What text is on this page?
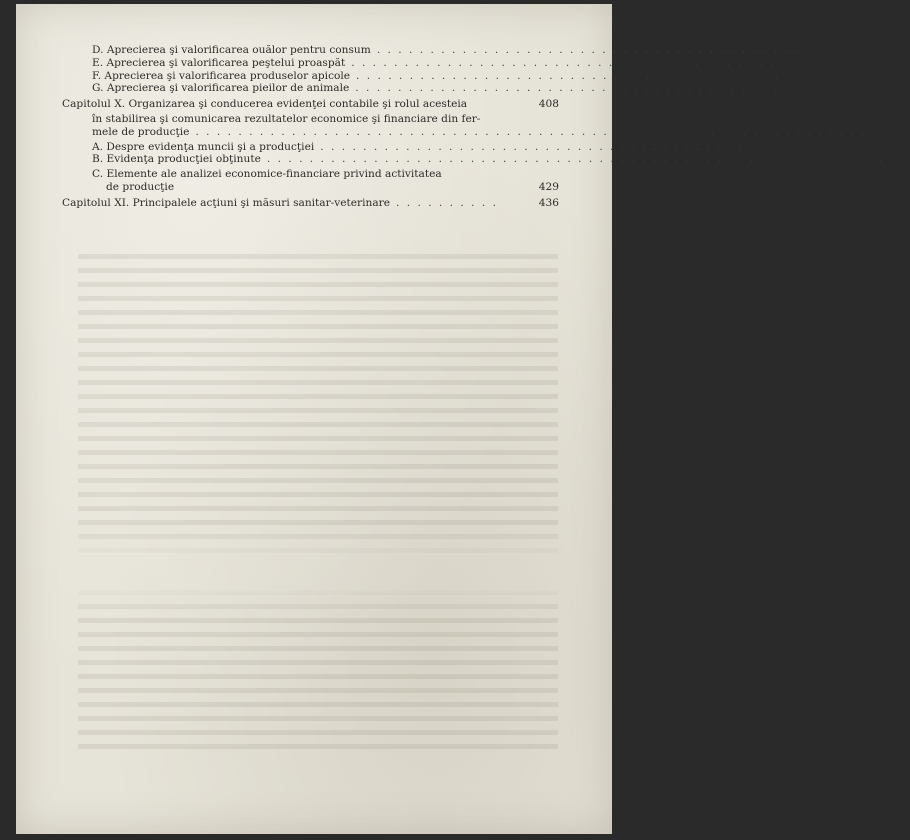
D. Aprecierea şi valorificarea ouălor pentru consum . . . . . . . . . . . . . . . . . . . . . . . . . . . . . . . . . . . . . . . . 404
E. Aprecierea şi valorificarea peştelui proaspăt . . . . . . . . . . . . . . . . . . . . . . . . . . . . . . . . . . . . . . . . 405
F. Aprecierea şi valorificarea produselor apicole . . . . . . . . . . . . . . . . . . . . . . . . . . . . . . . . . . . . . . . . 406
G. Aprecierea şi valorificarea pieilor de animale . . . . . . . . . . . . . . . . . . . . . . . . . . . . . . . . . . . . . . . . 407
Capitolul X. Organizarea şi conducerea evidenţei contabile şi rolul acesteia	408
în stabilirea şi comunicarea rezultatelor economice şi financiare din fer-
mele de producţie . . . . . . . . . . . . . . . . . . . . . . . . . . . . . . . . . . . . . . . . . . . . . . . . . . . . . . . . . . . . . . . 412
A. Despre evidenţa muncii şi a producţiei . . . . . . . . . . . . . . . . . . . . . . . . . . . . . . . . . . . . . . . . 413
B. Evidenţa producţiei obţinute . . . . . . . . . . . . . . . . . . . . . . . . . . . . . . . . . . . . . . . . . . . . . . . . . . . . . . . . . . 417
C. Elemente ale analizei economice-financiare privind activitatea
de producţie	429
Capitolul XI. Principalele acţiuni şi măsuri sanitar-veterinare . . . . . . . . . .	436
